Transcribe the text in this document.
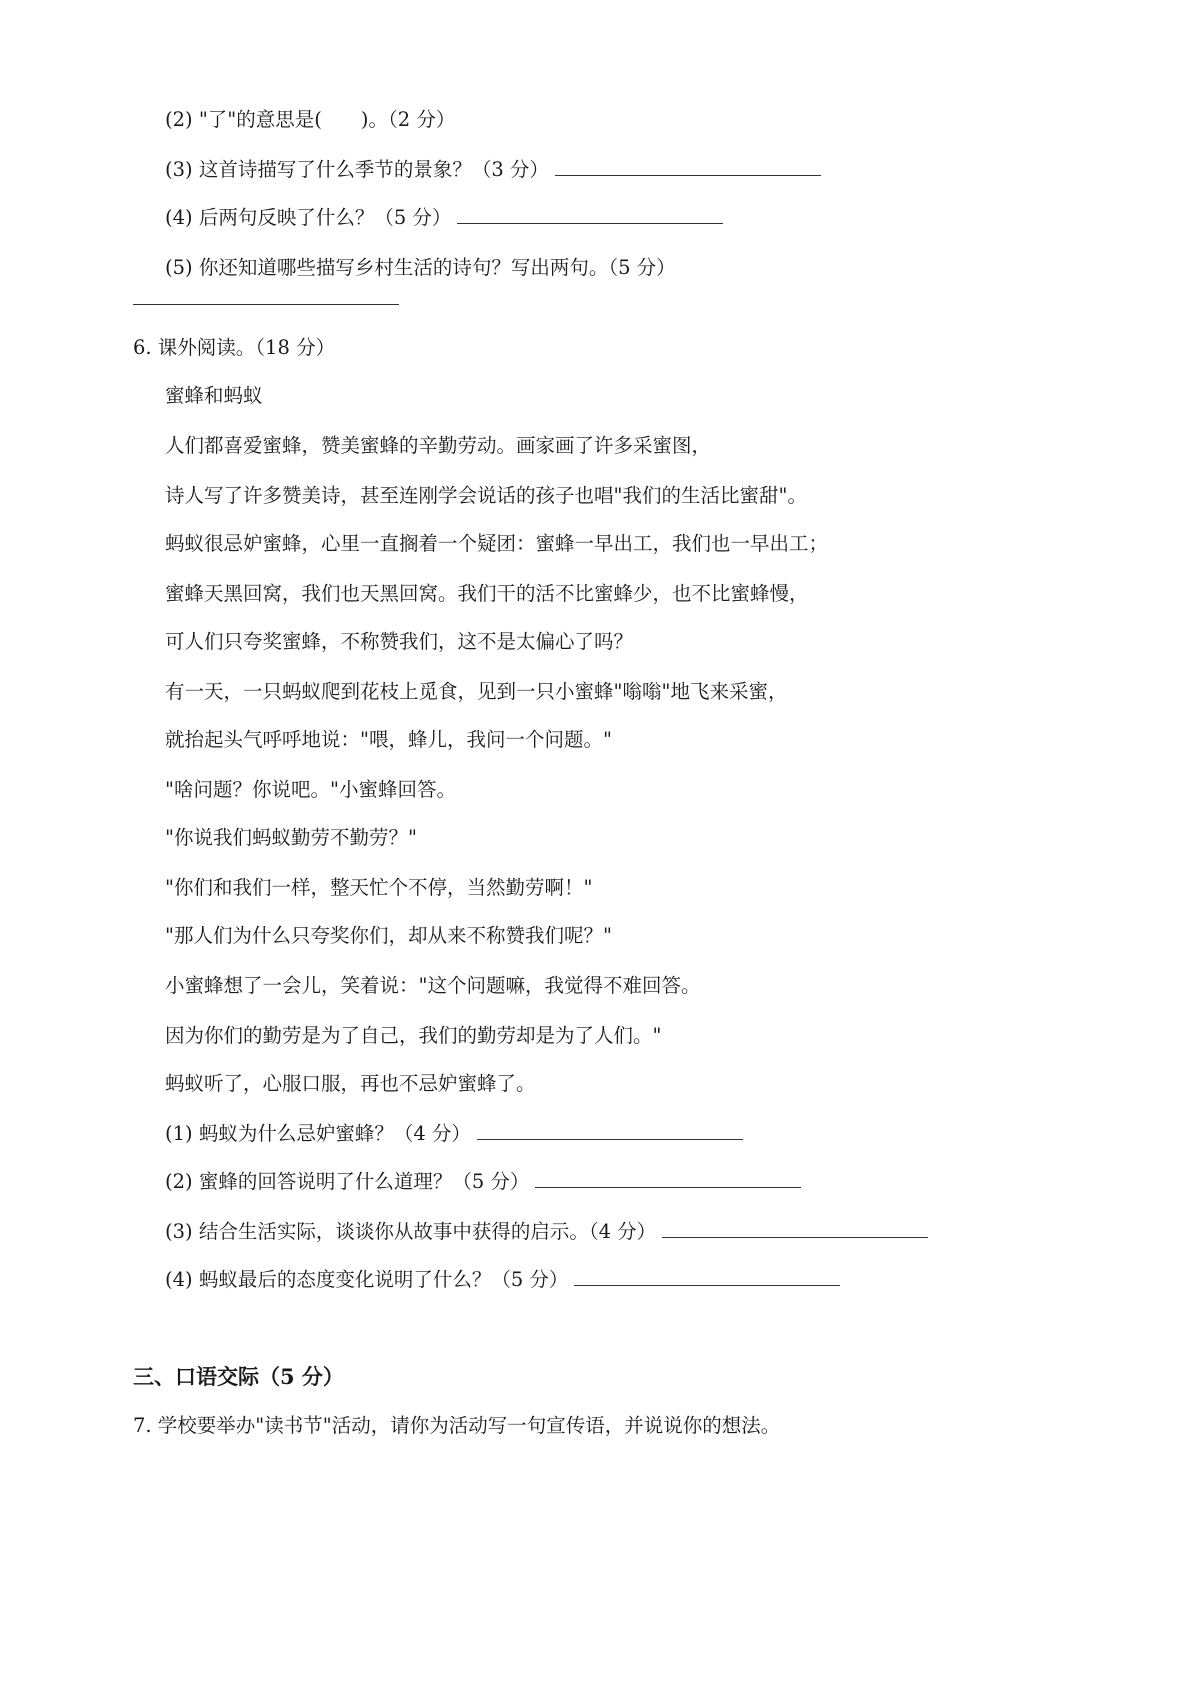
(2) "了"的意思是(　　)。（2 分）
(3) 这首诗描写了什么季节的景象？（3 分）
(4) 后两句反映了什么？（5 分）
(5) 你还知道哪些描写乡村生活的诗句？写出两句。（5 分）
6. 课外阅读。（18 分）
蜜蜂和蚂蚁
人们都喜爱蜜蜂，赞美蜜蜂的辛勤劳动。画家画了许多采蜜图，
诗人写了许多赞美诗，甚至连刚学会说话的孩子也唱"我们的生活比蜜甜"。
蚂蚁很忌妒蜜蜂，心里一直搁着一个疑团：蜜蜂一早出工，我们也一早出工；
蜜蜂天黑回窝，我们也天黑回窝。我们干的活不比蜜蜂少，也不比蜜蜂慢，
可人们只夸奖蜜蜂，不称赞我们，这不是太偏心了吗？
有一天，一只蚂蚁爬到花枝上觅食，见到一只小蜜蜂"嗡嗡"地飞来采蜜，
就抬起头气呼呼地说："喂，蜂儿，我问一个问题。"
"啥问题？你说吧。"小蜜蜂回答。
"你说我们蚂蚁勤劳不勤劳？"
"你们和我们一样，整天忙个不停，当然勤劳啊！"
"那人们为什么只夸奖你们，却从来不称赞我们呢？"
小蜜蜂想了一会儿，笑着说："这个问题嘛，我觉得不难回答。
因为你们的勤劳是为了自己，我们的勤劳却是为了人们。"
蚂蚁听了，心服口服，再也不忌妒蜜蜂了。
(1) 蚂蚁为什么忌妒蜜蜂？（4 分）
(2) 蜜蜂的回答说明了什么道理？（5 分）
(3) 结合生活实际，谈谈你从故事中获得的启示。（4 分）
(4) 蚂蚁最后的态度变化说明了什么？（5 分）
三、口语交际（5 分）
7. 学校要举办"读书节"活动，请你为活动写一句宣传语，并说说你的想法。
